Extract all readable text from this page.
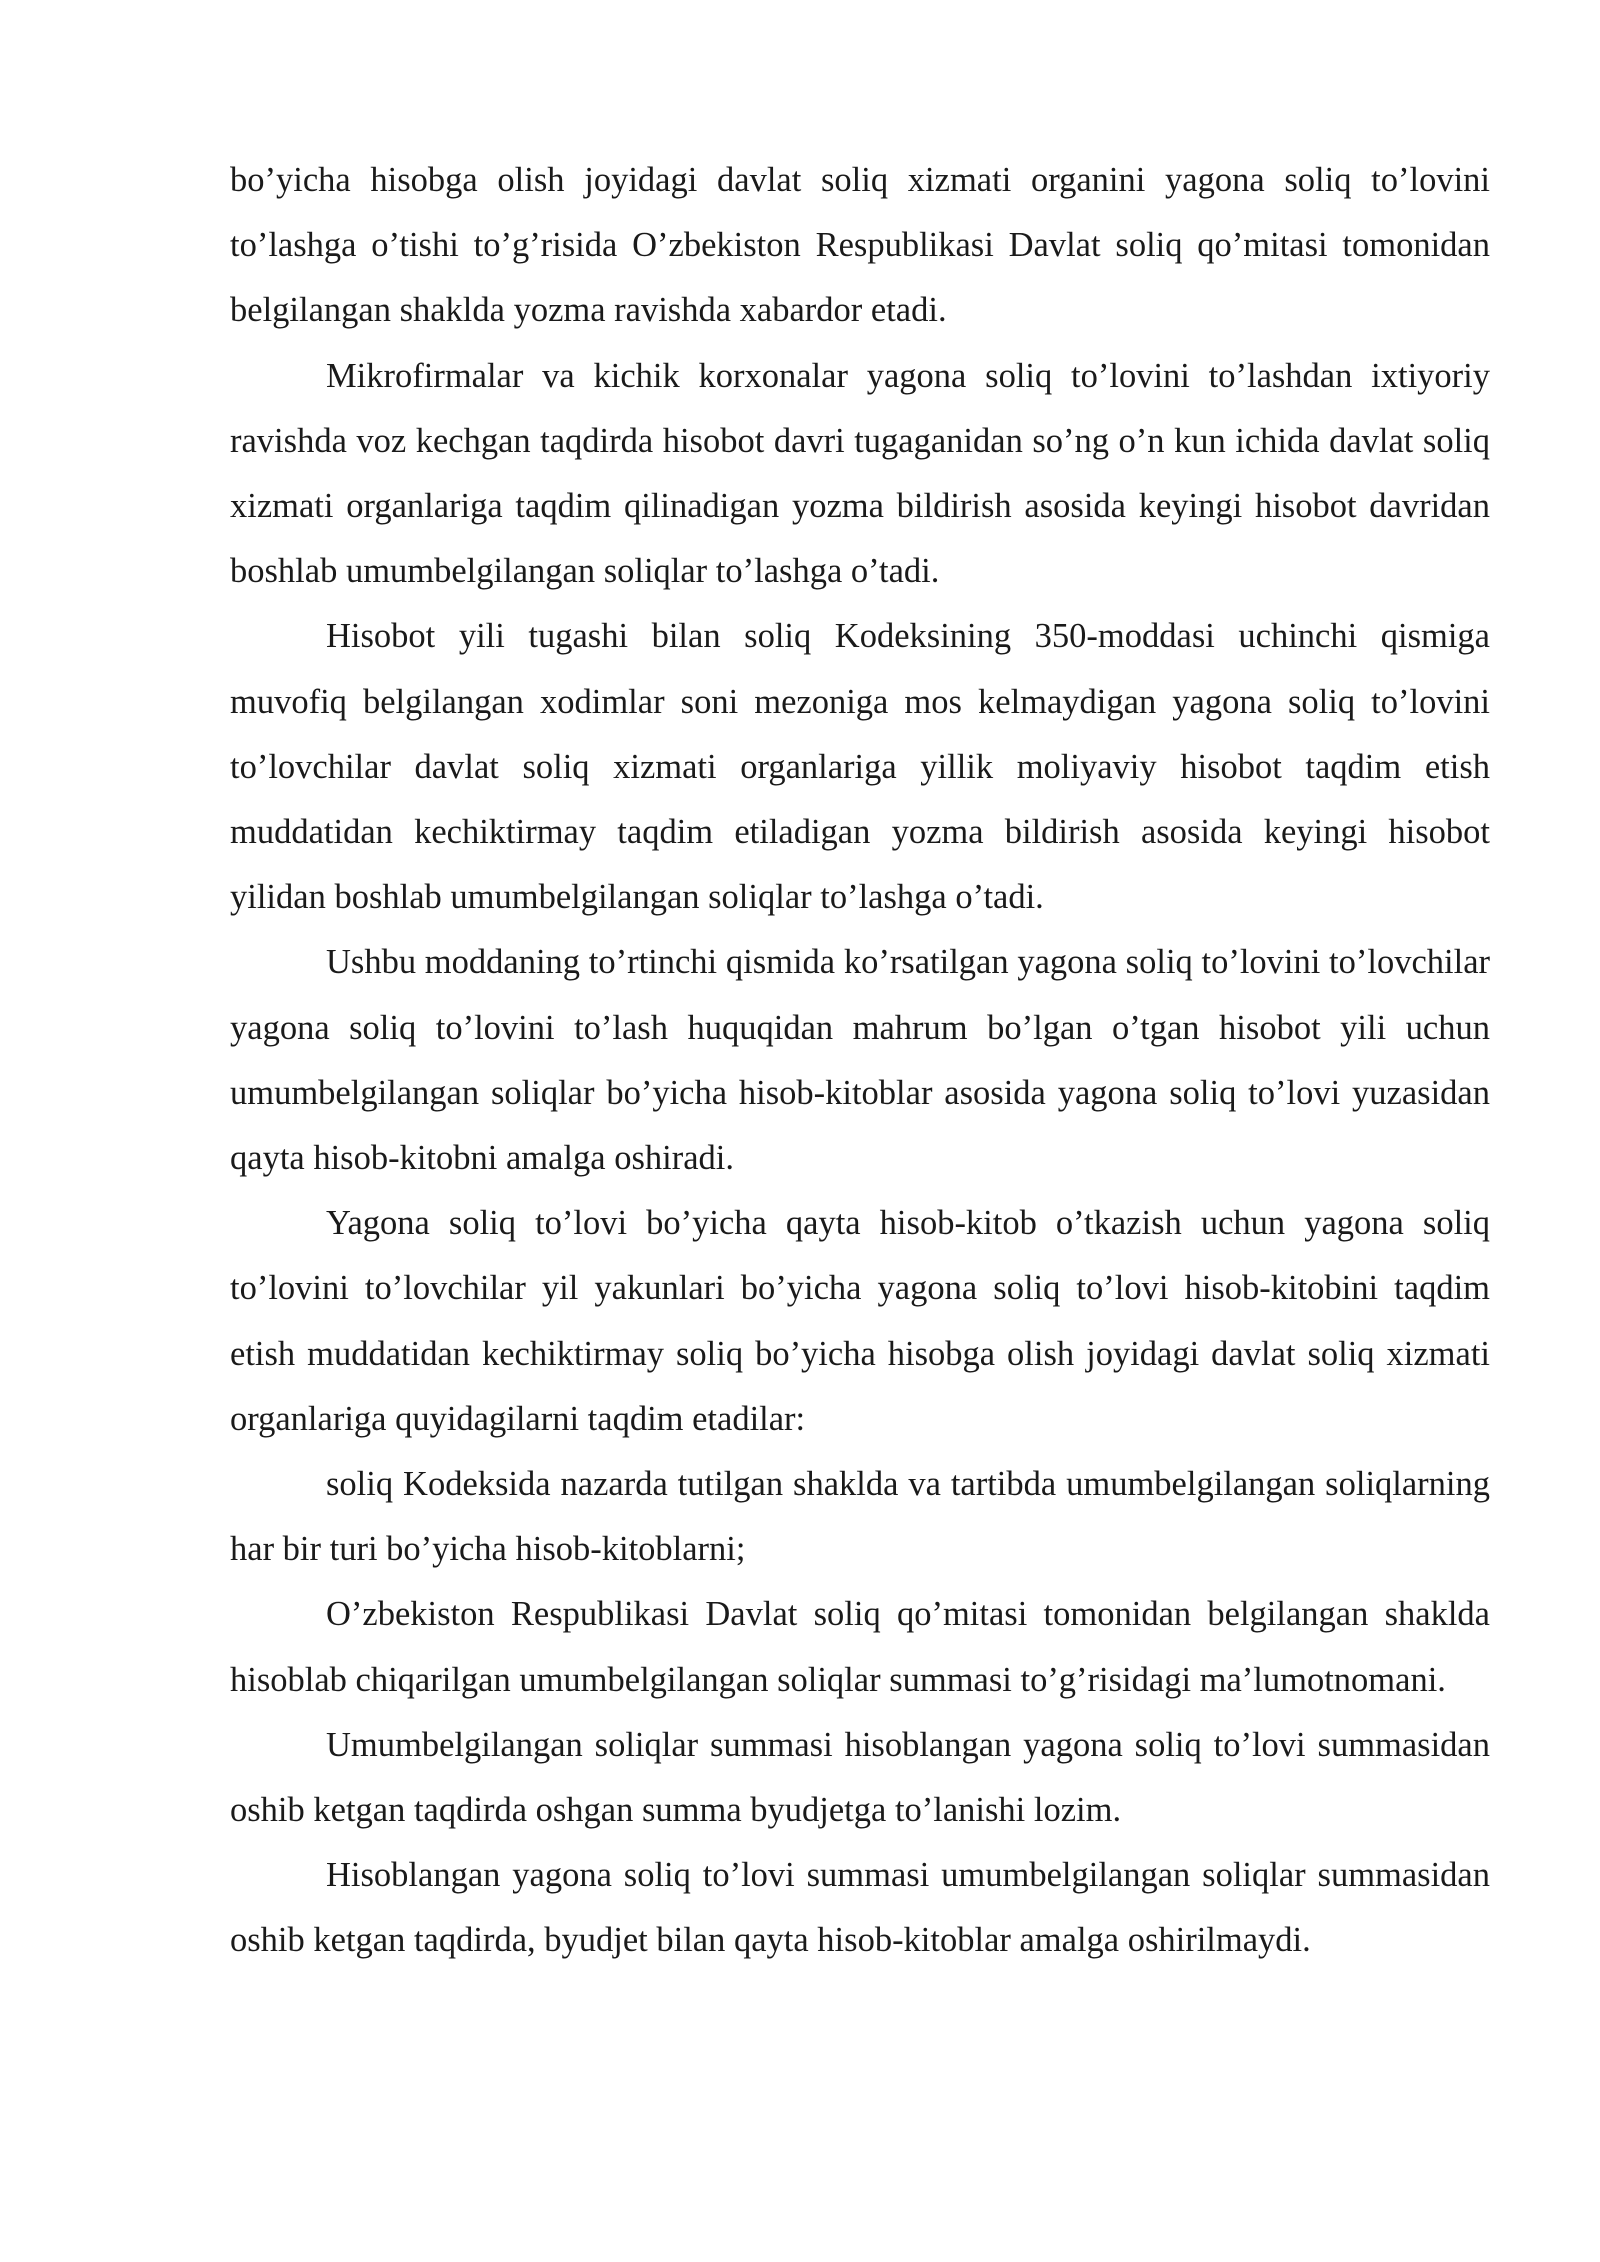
bo’yicha hisobga olish joyidagi davlat soliq xizmati organini yagona soliq to’lovini to’lashga o’tishi to’g’risida O’zbekiston Respublikasi Davlat soliq qo’mitasi tomonidan belgilangan shaklda yozma ravishda xabardor etadi.

Mikrofirmalar va kichik korxonalar yagona soliq to’lovini to’lashdan ixtiyoriy ravishda voz kechgan taqdirda hisobot davri tugaganidan so’ng o’n kun ichida davlat soliq xizmati organlariga taqdim qilinadigan yozma bildirish asosida keyingi hisobot davridan boshlab umumbelgilangan soliqlar to’lashga o’tadi.

Hisobot yili tugashi bilan soliq Kodeksining 350-moddasi uchinchi qismiga muvofiq belgilangan xodimlar soni mezoniga mos kelmaydigan yagona soliq to’lovini to’lovchilar davlat soliq xizmati organlariga yillik moliyaviy hisobot taqdim etish muddatidan kechiktirmay taqdim etiladigan yozma bildirish asosida keyingi hisobot yilidan boshlab umumbelgilangan soliqlar to’lashga o’tadi.

Ushbu moddaning to’rtinchi qismida ko’rsatilgan yagona soliq to’lovini to’lovchilar yagona soliq to’lovini to’lash huquqidan mahrum bo’lgan o’tgan hisobot yili uchun umumbelgilangan soliqlar bo’yicha hisob-kitoblar asosida yagona soliq to’lovi yuzasidan qayta hisob-kitobni amalga oshiradi.

Yagona soliq to’lovi bo’yicha qayta hisob-kitob o’tkazish uchun yagona soliq to’lovini to’lovchilar yil yakunlari bo’yicha yagona soliq to’lovi hisob-kitobini taqdim etish muddatidan kechiktirmay soliq bo’yicha hisobga olish joyidagi davlat soliq xizmati organlariga quyidagilarni taqdim etadilar:

soliq Kodeksida nazarda tutilgan shaklda va tartibda umumbelgilangan soliqlarning har bir turi bo’yicha hisob-kitoblarni;

O’zbekiston Respublikasi Davlat soliq qo’mitasi tomonidan belgilangan shaklda hisoblab chiqarilgan umumbelgilangan soliqlar summasi to’g’risidagi ma’lumotnomani.

Umumbelgilangan soliqlar summasi hisoblangan yagona soliq to’lovi summasidan oshib ketgan taqdirda oshgan summa byudjetga to’lanishi lozim.

Hisoblangan yagona soliq to’lovi summasi umumbelgilangan soliqlar summasidan oshib ketgan taqdirda, byudjet bilan qayta hisob-kitoblar amalga oshirilmaydi.
